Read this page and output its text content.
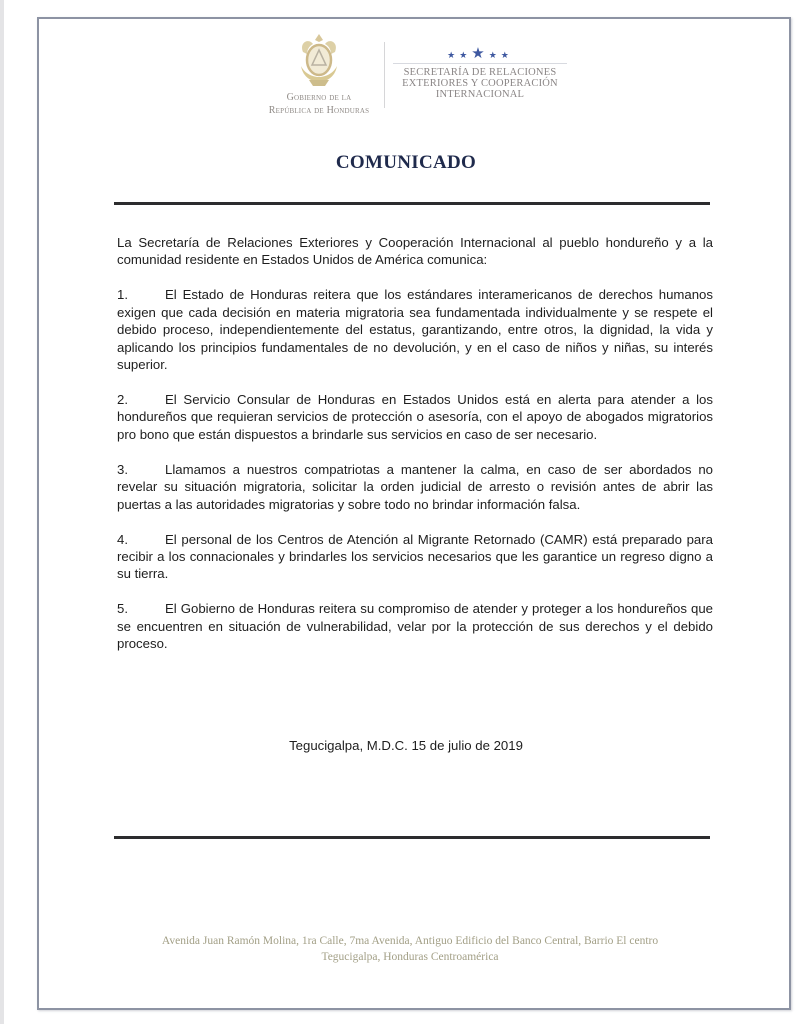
Gobierno de la
República de Honduras
★★★★★
SECRETARÍA DE RELACIONES
EXTERIORES Y COOPERACIÓN
INTERNACIONAL
COMUNICADO

La Secretaría de Relaciones Exteriores y Cooperación Internacional al pueblo hondureño y a la comunidad residente en Estados Unidos de América comunica:

1.	El Estado de Honduras reitera que los estándares interamericanos de derechos humanos exigen que cada decisión en materia migratoria sea fundamentada individualmente y se respete el debido proceso, independientemente del estatus, garantizando, entre otros, la dignidad, la vida y aplicando los principios fundamentales de no devolución, y en el caso de niños y niñas, su interés superior.

2.	El Servicio Consular de Honduras en Estados Unidos está en alerta para atender a los hondureños que requieran servicios de protección o asesoría, con el apoyo de abogados migratorios pro bono que están dispuestos a brindarle sus servicios en caso de ser necesario.

3.	Llamamos a nuestros compatriotas a mantener la calma, en caso de ser abordados no revelar su situación migratoria, solicitar la orden judicial de arresto o revisión antes de abrir las puertas a las autoridades migratorias y sobre todo no brindar información falsa.

4.	El personal de los Centros de Atención al Migrante Retornado (CAMR) está preparado para recibir a los connacionales y brindarles los servicios necesarios que les garantice un regreso digno a su tierra.

5.	El Gobierno de Honduras reitera su compromiso de atender y proteger a los hondureños que se encuentren en situación de vulnerabilidad, velar por la protección de sus derechos y el debido proceso.

Tegucigalpa, M.D.C. 15 de julio de 2019
Avenida Juan Ramón Molina, 1ra Calle, 7ma Avenida, Antiguo Edificio del Banco Central, Barrio El centro
Tegucigalpa, Honduras Centroamérica
